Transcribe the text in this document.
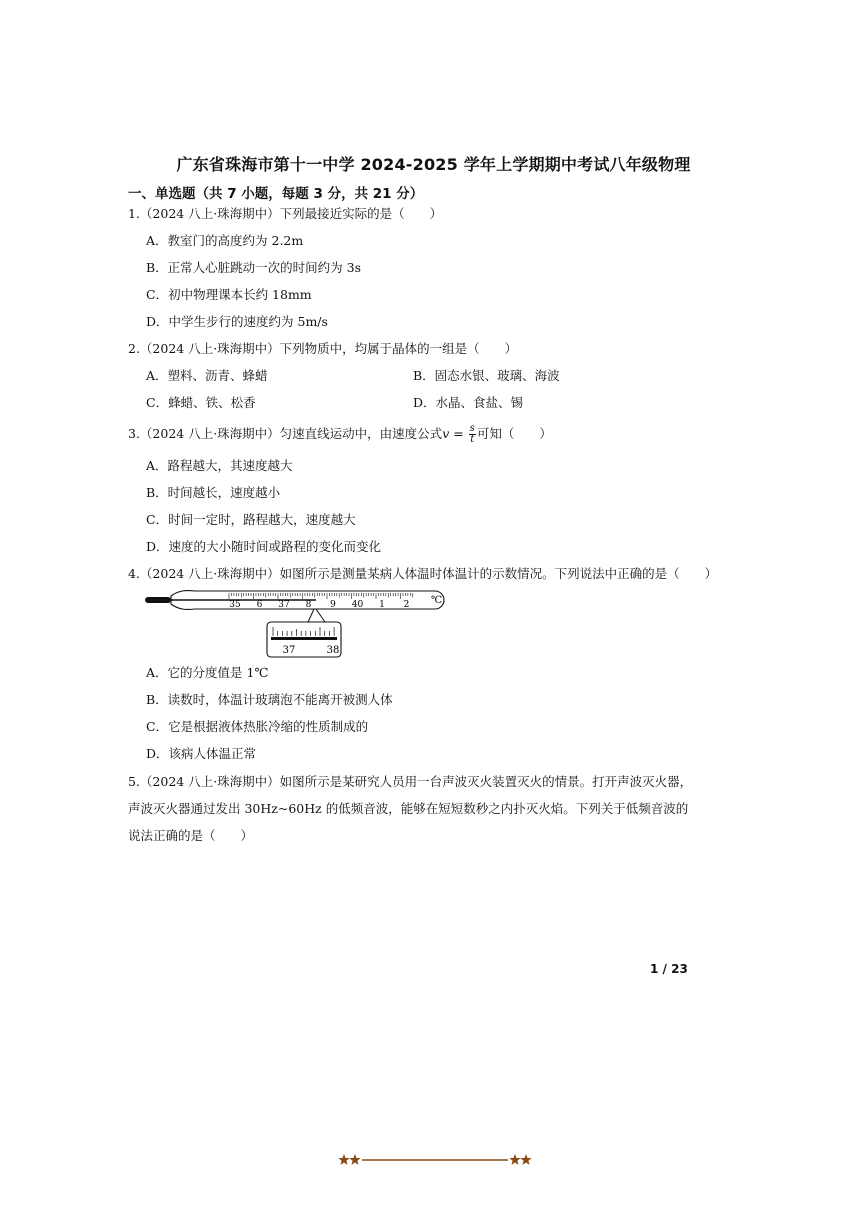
广东省珠海市第十一中学 2024-2025 学年上学期期中考试八年级物理
一、单选题（共 7 小题，每题 3 分，共 21 分）
1.（2024 八上·珠海期中）下列最接近实际的是（　　）
A．教室门的高度约为 2.2m
B．正常人心脏跳动一次的时间约为 3s
C．初中物理课本长约 18mm
D．中学生步行的速度约为 5m/s
2.（2024 八上·珠海期中）下列物质中，均属于晶体的一组是（　　）
A．塑料、沥青、蜂蜡	B．固态水银、玻璃、海波
C．蜂蜡、铁、松香	D．水晶、食盐、锡
3.（2024 八上·珠海期中）匀速直线运动中，由速度公式$v = \frac{s}{t}$ 可知（　　）
A．路程越大，其速度越大
B．时间越长，速度越小
C．时间一定时，路程越大，速度越大
D．速度的大小随时间或路程的变化而变化
4.（2024 八上·珠海期中）如图所示是测量某病人体温时体温计的示数情况。下列说法中正确的是（　　）
35 6 37 8 9 40 1 2 ℃
37	38
A．它的分度值是 1℃
B．读数时，体温计玻璃泡不能离开被测人体
C．它是根据液体热胀冷缩的性质制成的
D．该病人体温正常
5.（2024 八上·珠海期中）如图所示是某研究人员用一台声波灭火装置灭火的情景。打开声波灭火器，
声波灭火器通过发出 30Hz~60Hz 的低频音波，能够在短短数秒之内扑灭火焰。下列关于低频音波的
说法正确的是（　　）
1 / 23
